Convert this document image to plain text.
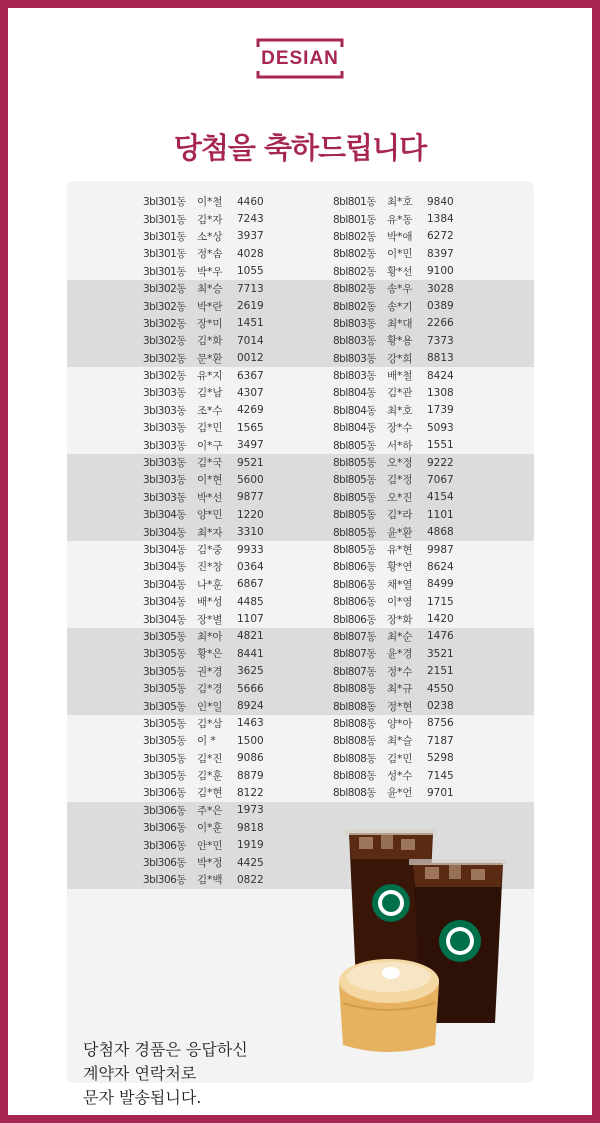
DESIAN
당첨을 축하드립니다
3bl301동	이*철	4460
3bl301동	김*자	7243
3bl301동	소*상	3937
3bl301동	정*솜	4028
3bl301동	박*우	1055
3bl302동	최*승	7713
3bl302동	박*란	2619
3bl302동	장*미	1451
3bl302동	김*화	7014
3bl302동	문*환	0012
3bl302동	유*지	6367
3bl303동	김*남	4307
3bl303동	조*수	4269
3bl303동	김*민	1565
3bl303동	이*구	3497
3bl303동	김*국	9521
3bl303동	이*현	5600
3bl303동	박*선	9877
3bl304동	양*민	1220
3bl304동	최*자	3310
3bl304동	김*중	9933
3bl304동	진*창	0364
3bl304동	나*훈	6867
3bl304동	배*성	4485
3bl304동	장*별	1107
3bl305동	최*아	4821
3bl305동	황*은	8441
3bl305동	권*경	3625
3bl305동	김*경	5666
3bl305동	인*일	8924
3bl305동	김*삼	1463
3bl305동	이 *	1500
3bl305동	김*진	9086
3bl305동	김*훈	8879
3bl306동	김*현	8122
3bl306동	주*은	1973
3bl306동	이*훈	9818
3bl306동	안*민	1919
3bl306동	박*정	4425
3bl306동	김*백	0822
8bl801동	최*호	9840
8bl801동	유*동	1384
8bl802동	박*애	6272
8bl802동	이*민	8397
8bl802동	황*선	9100
8bl802동	송*우	3028
8bl802동	송*기	0389
8bl803동	최*대	2266
8bl803동	황*용	7373
8bl803동	강*희	8813
8bl803동	배*철	8424
8bl804동	김*관	1308
8bl804동	최*호	1739
8bl804동	장*수	5093
8bl805동	서*하	1551
8bl805동	오*정	9222
8bl805동	김*정	7067
8bl805동	오*진	4154
8bl805동	김*라	1101
8bl805동	윤*환	4868
8bl805동	유*현	9987
8bl806동	황*연	8624
8bl806동	채*열	8499
8bl806동	이*영	1715
8bl806동	장*화	1420
8bl807동	최*순	1476
8bl807동	윤*경	3521
8bl807동	정*수	2151
8bl808동	최*규	4550
8bl808동	정*현	0238
8bl808동	양*아	8756
8bl808동	최*슬	7187
8bl808동	김*민	5298
8bl808동	성*수	7145
8bl808동	윤*언	9701
당첨자 경품은 응답하신
계약자 연락처로
문자 발송됩니다.
